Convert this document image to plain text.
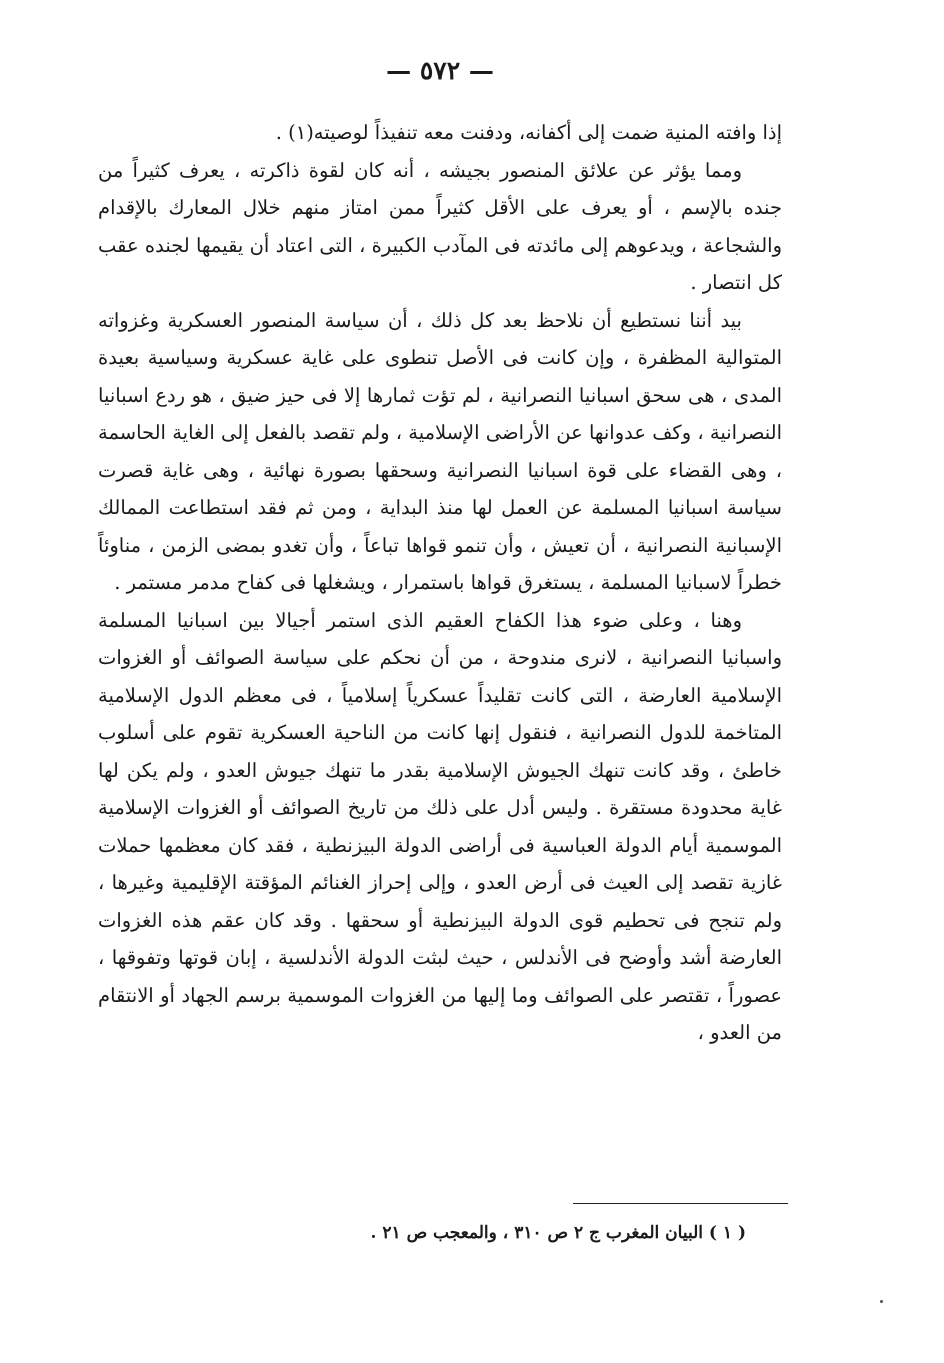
— ٥٧٢ —

إذا وافته المنية ضمت إلى أكفانه، ودفنت معه تنفيذاً لوصيته(١) .

ومما يؤثر عن علائق المنصور بجيشه ، أنه كان لقوة ذاكرته ، يعرف كثيراً من جنده بالإسم ، أو يعرف على الأقل كثيراً ممن امتاز منهم خلال المعارك بالإقدام والشجاعة ، ويدعوهم إلى مائدته فى المآدب الكبيرة ، التى اعتاد أن يقيمها لجنده عقب كل انتصار .

بيد أننا نستطيع أن نلاحظ بعد كل ذلك ، أن سياسة المنصور العسكرية وغزواته المتوالية المظفرة ، وإن كانت فى الأصل تنطوى على غاية عسكرية وسياسية بعيدة المدى ، هى سحق اسبانيا النصرانية ، لم تؤت ثمارها إلا فى حيز ضيق ، هو ردع اسبانيا النصرانية ، وكف عدوانها عن الأراضى الإسلامية ، ولم تقصد بالفعل إلى الغاية الحاسمة ، وهى القضاء على قوة اسبانيا النصرانية وسحقها بصورة نهائية ، وهى غاية قصرت سياسة اسبانيا المسلمة عن العمل لها منذ البداية ، ومن ثم فقد استطاعت الممالك الإسبانية النصرانية ، أن تعيش ، وأن تنمو قواها تباعاً ، وأن تغدو بمضى الزمن ، مناوئاً خطراً لاسبانيا المسلمة ، يستغرق قواها باستمرار ، ويشغلها فى كفاح مدمر مستمر .

وهنا ، وعلى ضوء هذا الكفاح العقيم الذى استمر أجيالا بين اسبانيا المسلمة واسبانيا النصرانية ، لانرى مندوحة ، من أن نحكم على سياسة الصوائف أو الغزوات الإسلامية العارضة ، التى كانت تقليداً عسكرياً إسلامياً ، فى معظم الدول الإسلامية المتاخمة للدول النصرانية ، فنقول إنها كانت من الناحية العسكرية تقوم على أسلوب خاطئ ، وقد كانت تنهك الجيوش الإسلامية بقدر ما تنهك جيوش العدو ، ولم يكن لها غاية محدودة مستقرة . وليس أدل على ذلك من تاريخ الصوائف أو الغزوات الإسلامية الموسمية أيام الدولة العباسية فى أراضى الدولة البيزنطية ، فقد كان معظمها حملات غازية تقصد إلى العيث فى أرض العدو ، وإلى إحراز الغنائم المؤقتة الإقليمية وغيرها ، ولم تنجح فى تحطيم قوى الدولة البيزنطية أو سحقها . وقد كان عقم هذه الغزوات العارضة أشد وأوضح فى الأندلس ، حيث لبثت الدولة الأندلسية ، إبان قوتها وتفوقها ، عصوراً ، تقتصر على الصوائف وما إليها من الغزوات الموسمية برسم الجهاد أو الانتقام من العدو ،

( ١ ) البيان المغرب ج ٢ ص ٣١٠ ، والمعجب ص ٢١ .
